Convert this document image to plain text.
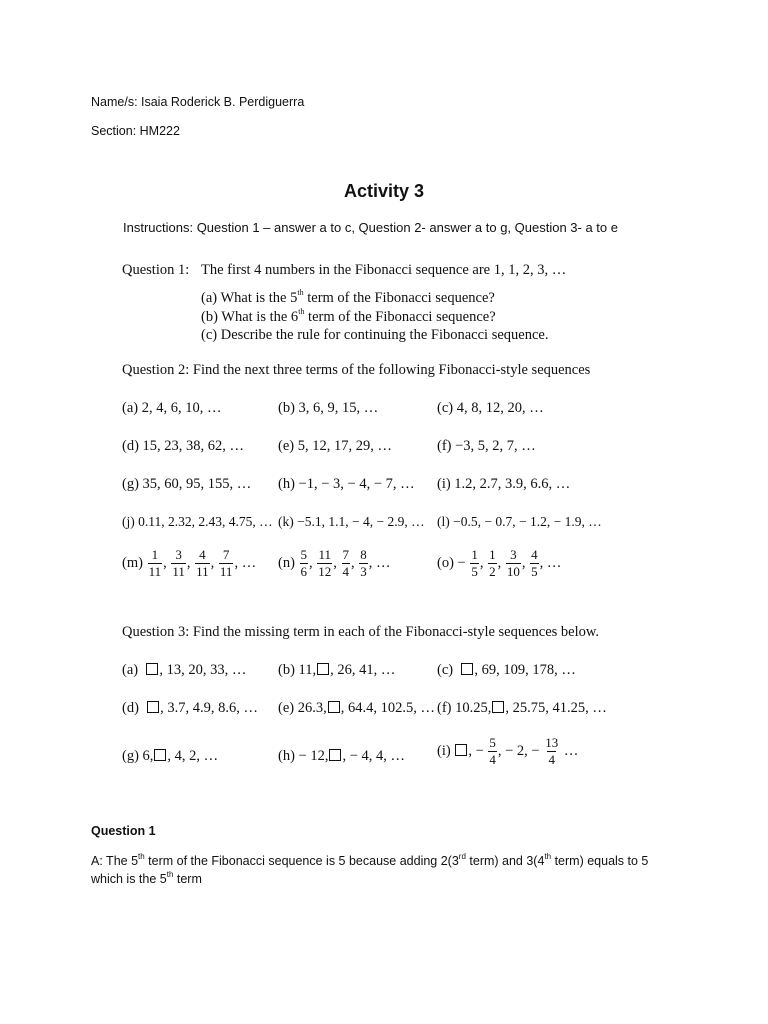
Name/s: Isaia Roderick B. Perdiguerra
Section: HM222
Activity 3
Instructions: Question 1 – answer a to c, Question 2- answer a to g, Question 3- a to e
Question 1: The first 4 numbers in the Fibonacci sequence are 1, 1, 2, 3, …
(a) What is the 5th term of the Fibonacci sequence?
(b) What is the 6th term of the Fibonacci sequence?
(c) Describe the rule for continuing the Fibonacci sequence.
Question 2: Find the next three terms of the following Fibonacci-style sequences
(a) 2, 4, 6, 10, …	(b) 3, 6, 9, 15, …	(c) 4, 8, 12, 20, …
(d) 15, 23, 38, 62, … (e) 5, 12, 17, 29, …	(f) −3, 5, 2, 7, …
(g) 35, 60, 95, 155, … (h) −1, − 3, − 4, − 7, … (i) 1.2, 2.7, 3.9, 6.6, …
(j) 0.11, 2.32, 2.43, 4.75, … (k) −5.1, 1.1, − 4, − 2.9, … (l) −0.5, − 0.7, − 1.2, − 1.9, …
$(m) \frac{1}{11}$ , $\frac{3}{11}$ , $\frac{4}{11}$ , $\frac{7}{11}$ , … $(n) \frac{5}{6}$ , $\frac{11}{12}$ , $\frac{7}{4}$ , $\frac{8}{3}$ , …	$(o) - \frac{1}{5}$ , $\frac{1}{2}$ , $\frac{3}{10}$ , $\frac{4}{5}$ , …
Question 3: Find the missing term in each of the Fibonacci-style sequences below.
(a) , 13, 20, 33, … (b) 11, , 26, 41, …	(c) , 69, 109, 178, …
(d) , 3.7, 4.9, 8.6, … (e) 26.3, , 64.4, 102.5, … (f) 10.25, , 25.75, 41.25, …
(g) 6, , 4, 2, …	(h) − 12, , − 4, 4, … (i) , − $\frac{5}{4}$ , − 2, − $\frac{13}{4}$ …
Question 1
A: The 5th term of the Fibonacci sequence is 5 because adding 2(3rd term) and 3(4th term) equals to 5
which is the 5th term
